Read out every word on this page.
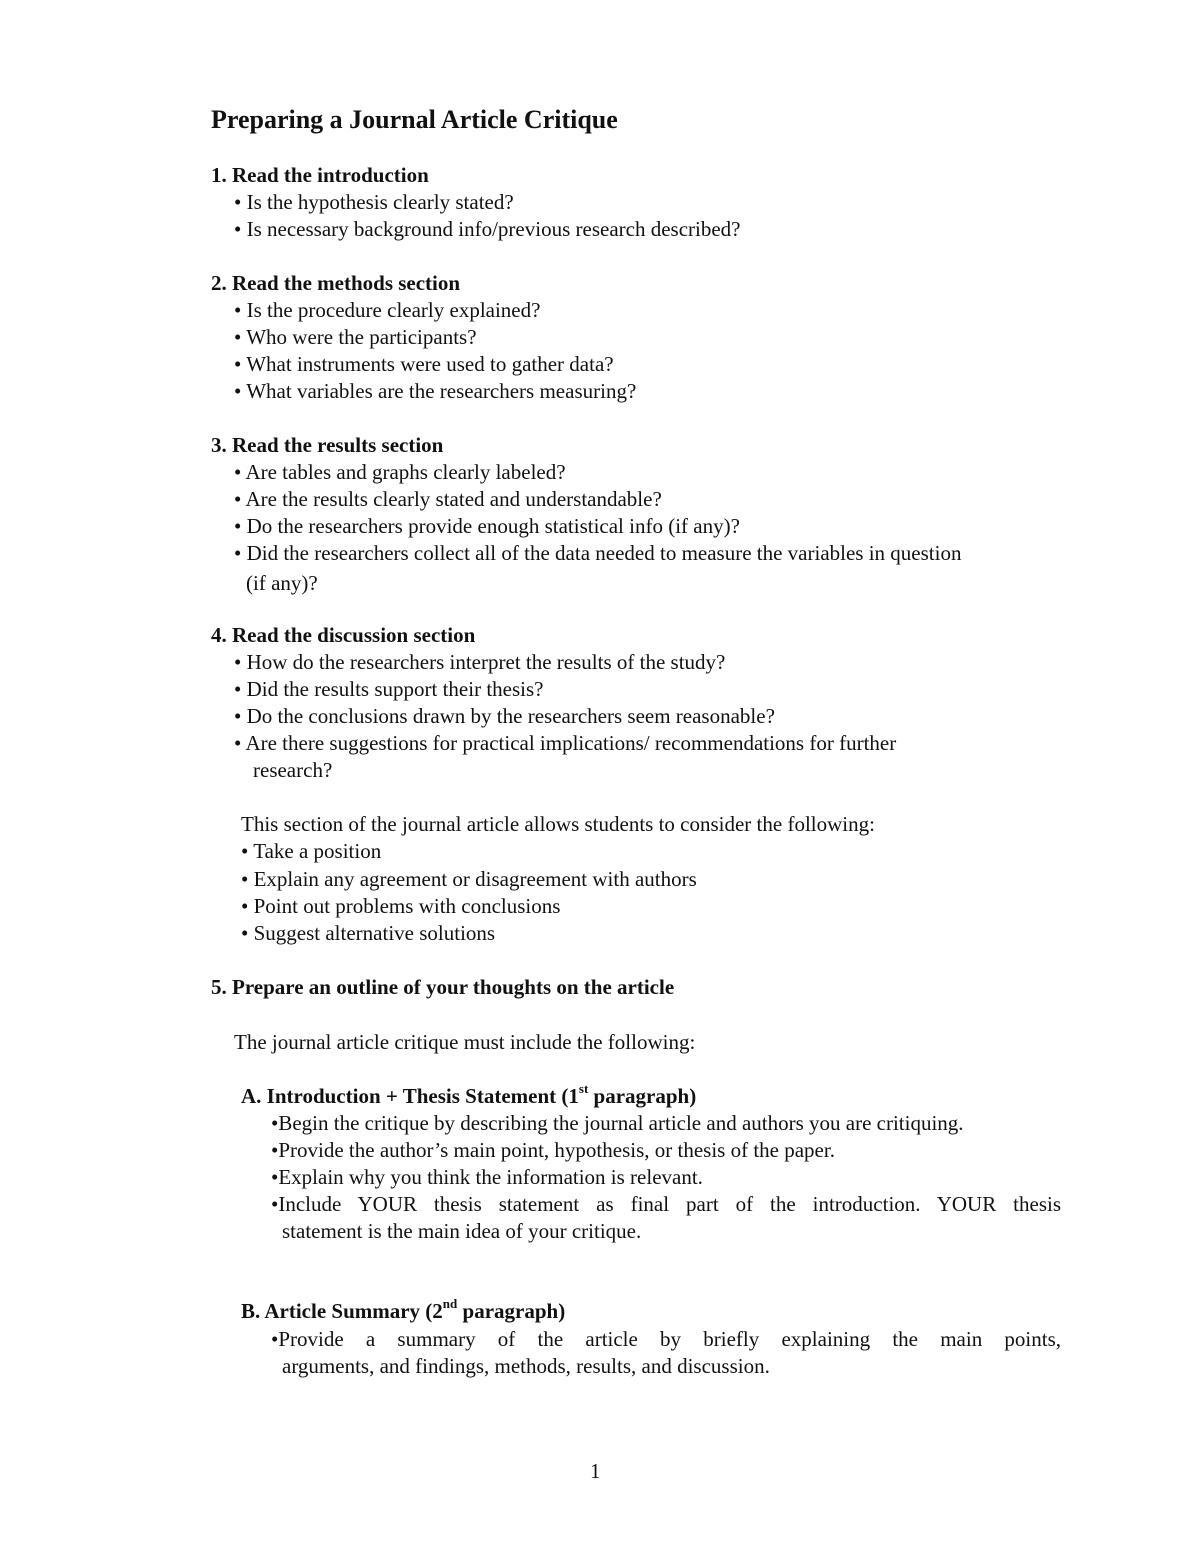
Preparing a Journal Article Critique
1. Read the introduction
• Is the hypothesis clearly stated?
• Is necessary background info/previous research described?
2. Read the methods section
• Is the procedure clearly explained?
• Who were the participants?
• What instruments were used to gather data?
• What variables are the researchers measuring?
3. Read the results section
• Are tables and graphs clearly labeled?
• Are the results clearly stated and understandable?
• Do the researchers provide enough statistical info (if any)?
• Did the researchers collect all of the data needed to measure the variables in question
(if any)?
4. Read the discussion section
• How do the researchers interpret the results of the study?
• Did the results support their thesis?
• Do the conclusions drawn by the researchers seem reasonable?
• Are there suggestions for practical implications/ recommendations for further
research?
This section of the journal article allows students to consider the following:
• Take a position
• Explain any agreement or disagreement with authors
• Point out problems with conclusions
• Suggest alternative solutions
5. Prepare an outline of your thoughts on the article
The journal article critique must include the following:
A. Introduction + Thesis Statement (1st paragraph)
•Begin the critique by describing the journal article and authors you are critiquing.
•Provide the author’s main point, hypothesis, or thesis of the paper.
•Explain why you think the information is relevant.
•Include YOUR thesis statement as final part of the introduction. YOUR thesis
statement is the main idea of your critique.
B. Article Summary (2nd paragraph)
•Provide a summary of the article by briefly explaining the main points,
arguments, and findings, methods, results, and discussion.
1
